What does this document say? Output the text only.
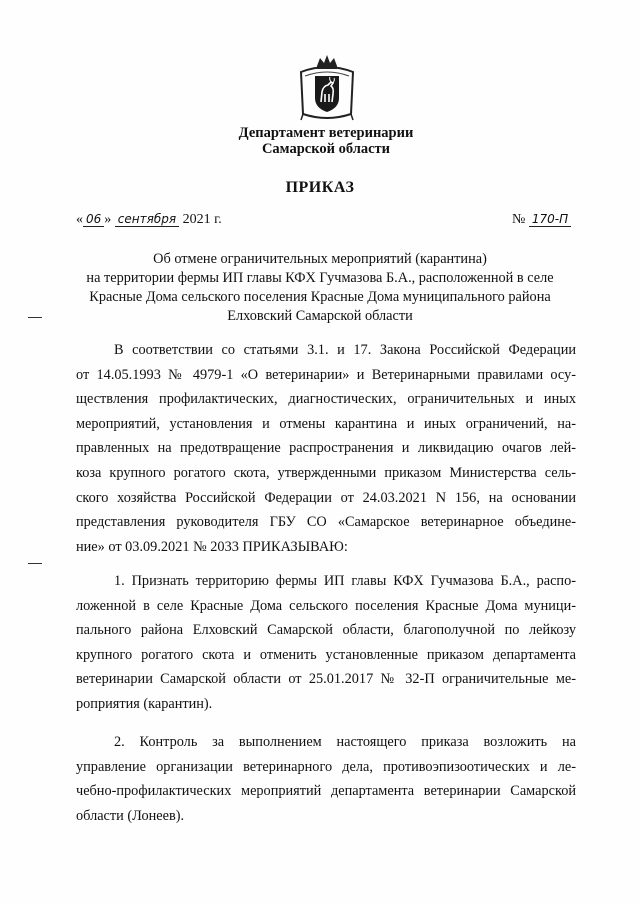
Департамент ветеринарии
Самарской области
ПРИКАЗ
« 06 » сентября 2021 г.	№ 170-П
Об отмене ограничительных мероприятий (карантина)
на территории фермы ИП главы КФХ Гучмазова Б.А., расположенной в селе
Красные Дома сельского поселения Красные Дома муниципального района
Елховский Самарской области
В соответствии со статьями 3.1. и 17. Закона Российской Федерации
от 14.05.1993 № 4979-1 «О ветеринарии» и Ветеринарными правилами осу-
ществления профилактических, диагностических, ограничительных и иных
мероприятий, установления и отмены карантина и иных ограничений, на-
правленных на предотвращение распространения и ликвидацию очагов лей-
коза крупного рогатого скота, утвержденными приказом Министерства сель-
ского хозяйства Российской Федерации от 24.03.2021 N 156, на основании
представления руководителя ГБУ СО «Самарское ветеринарное объедине-
ние» от 03.09.2021 № 2033 ПРИКАЗЫВАЮ:
1. Признать территорию фермы ИП главы КФХ Гучмазова Б.А., распо-
ложенной в селе Красные Дома сельского поселения Красные Дома муници-
пального района Елховский Самарской области, благополучной по лейкозу
крупного рогатого скота и отменить установленные приказом департамента
ветеринарии Самарской области от 25.01.2017 № 32-П ограничительные ме-
роприятия (карантин).
2. Контроль за выполнением настоящего приказа возложить на
управление организации ветеринарного дела, противоэпизоотических и ле-
чебно-профилактических мероприятий департамента ветеринарии Самарской
области (Лонеев).
